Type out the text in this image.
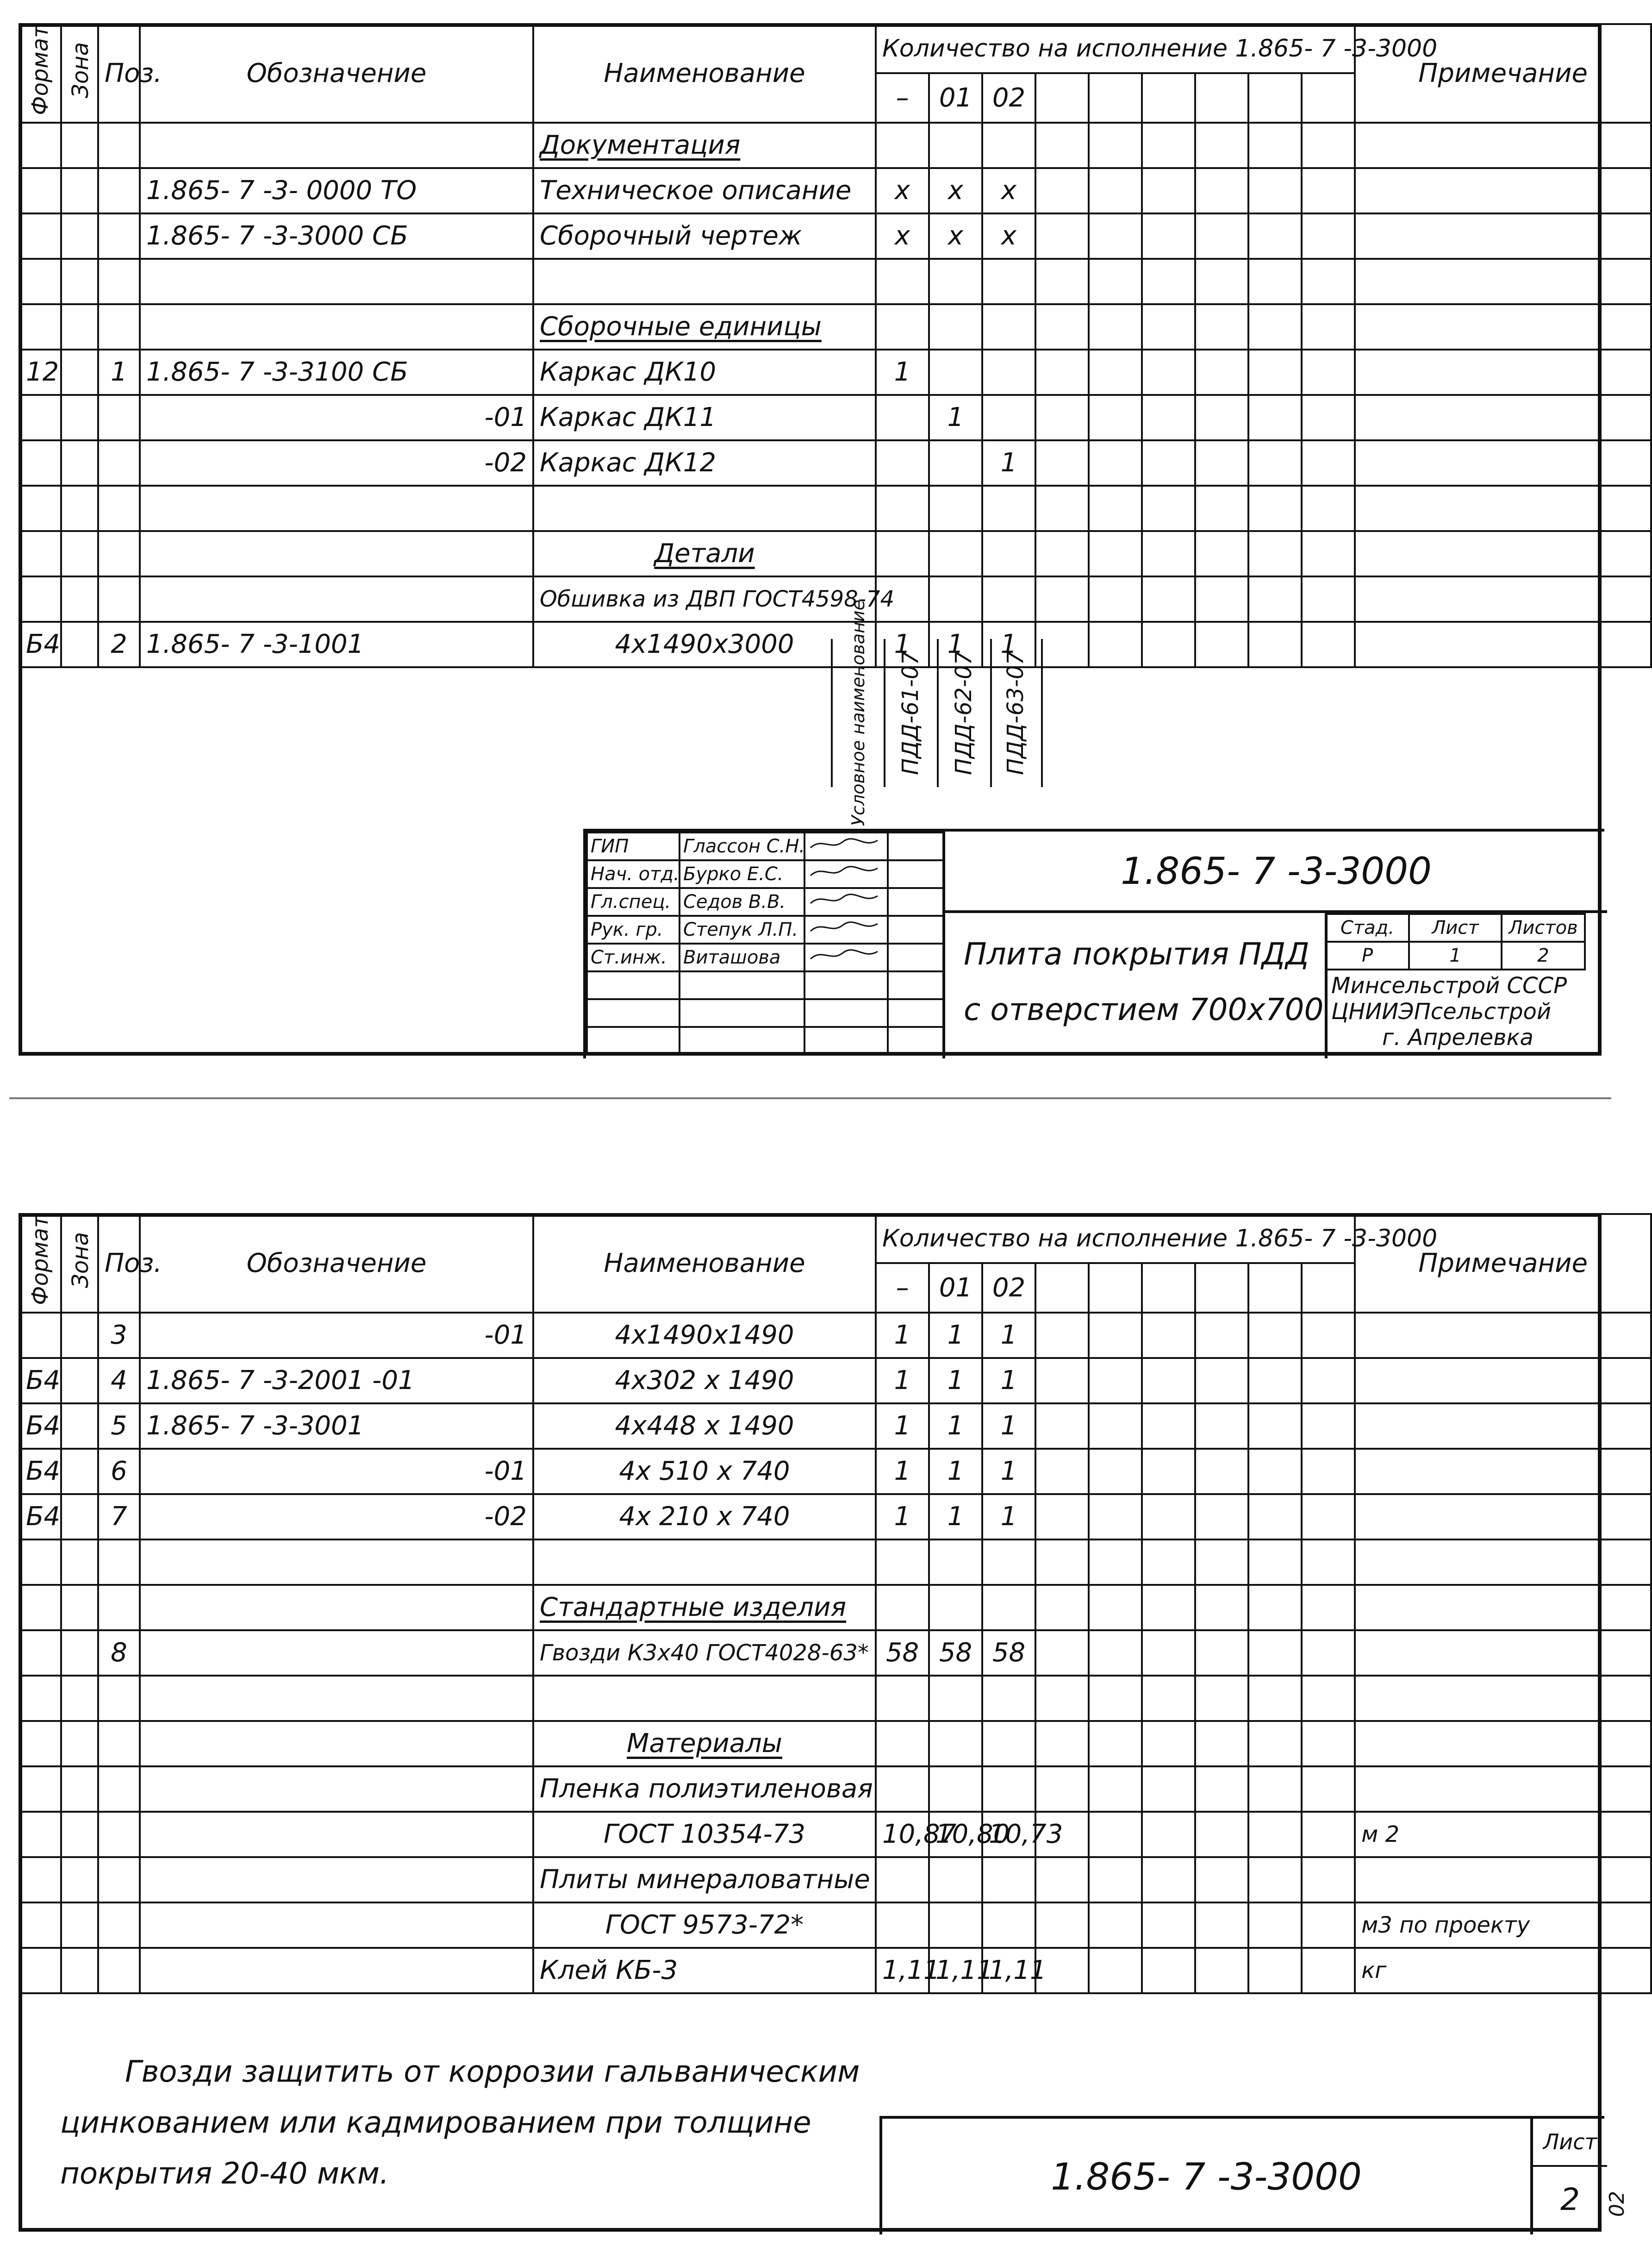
Формат	Зона	Поз.	Обозначение	Наименование	Количество на исполнение 1.865- 7 -3-3000									Примечание
					–	01	02							
				Документация										
			1.865- 7 -3- 0000 ТО	Техническое описание	x	x	x							
			1.865- 7 -3-3000 СБ	Сборочный чертеж	x	x	x							

				Сборочные единицы										
12		1	1.865- 7 -3-3100 СБ	Каркас ДК10	1									
			-01	Каркас ДК11		1								
			-02	Каркас ДК12			1							

				Детали										
				Обшивка из ДВП ГОСТ4598-74										
Б4		2	1.865- 7 -3-1001	4x1490x3000	1	1	1							

Условное наименование ПДД-61-07 ПДД-62-07 ПДД-63-07
ГИП	Глассон С.Н.		
Нач. отд.	Бурко Е.С.		
Гл.спец.	Седов В.В.		
Рук. гр.	Степук Л.П.		
Ст.инж.	Виташова		

1.865- 7 -3-3000
Плита покрытия ПДД
с отверстием 700x700
Стад.	Лист	Листов
Р	1	2
Минсельстрой СССР
ЦНИИЭПсельстрой
г. Апрелевка
Формат	Зона	Поз.	Обозначение	Наименование	Количество на исполнение 1.865- 7 -3-3000									Примечание
					–	01	02							
		3	-01	4x1490x1490	1	1	1							
Б4		4	1.865- 7 -3-2001 -01	4x302 x 1490	1	1	1							
Б4		5	1.865- 7 -3-3001	4x448 x 1490	1	1	1							
Б4		6	-01	4x 510 x 740	1	1	1							
Б4		7	-02	4x 210 x 740	1	1	1							

				Стандартные изделия										
		8		Гвозди К3x40 ГОСТ4028-63*	58	58	58							

				Материалы										
				Пленка полиэтиленовая										
				ГОСТ 10354-73	10,87	10,80	10,73							м 2
				Плиты минераловатные										
				ГОСТ 9573-72*										м3 по проекту
				Клей КБ-3	1,11	1,11	1,11							кг
Гвозди защитить от коррозии гальваническим
цинкованием или кадмированием при толщине
покрытия 20-40 мкм.	1.865- 7 -3-3000
Лист
2	02
